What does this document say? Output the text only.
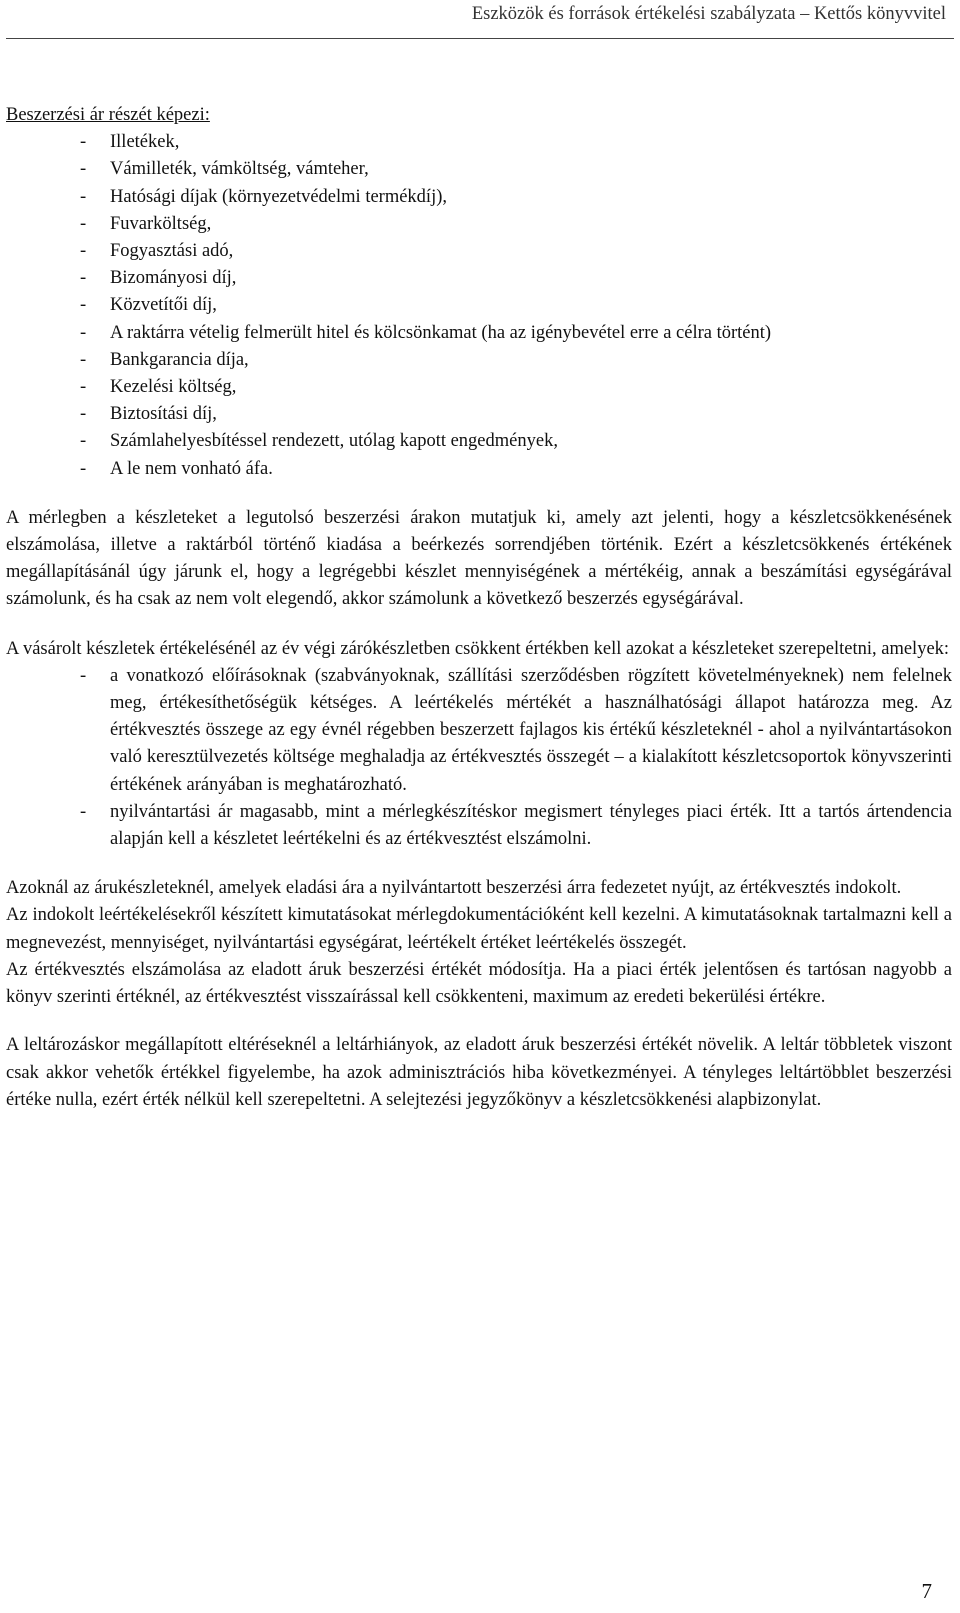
Eszközök és források értékelési szabályzata – Kettős könyvvitel
Beszerzési ár részét képezi:
- Illetékek,
- Vámilleték, vámköltség, vámteher,
- Hatósági díjak (környezetvédelmi termékdíj),
- Fuvarköltség,
- Fogyasztási adó,
- Bizományosi díj,
- Közvetítői díj,
- A raktárra vételig felmerült hitel és kölcsönkamat (ha az igénybevétel erre a célra történt)
- Bankgarancia díja,
- Kezelési költség,
- Biztosítási díj,
- Számlahelyesbítéssel rendezett, utólag kapott engedmények,
- A le nem vonható áfa.

A mérlegben a készleteket a legutolsó beszerzési árakon mutatjuk ki, amely azt jelenti, hogy a készletcsökkenésének elszámolása, illetve a raktárból történő kiadása a beérkezés sorrendjében történik. Ezért a készletcsökkenés értékének megállapításánál úgy járunk el, hogy a legrégebbi készlet mennyiségének a mértékéig, annak a beszámítási egységárával számolunk, és ha csak az nem volt elegendő, akkor számolunk a következő beszerzés egységárával.

A vásárolt készletek értékelésénél az év végi zárókészletben csökkent értékben kell azokat a készleteket szerepeltetni, amelyek:

- a vonatkozó előírásoknak (szabványoknak, szállítási szerződésben rögzített követelményeknek) nem felelnek meg, értékesíthetőségük kétséges. A leértékelés mértékét a használhatósági állapot határozza meg. Az értékvesztés összege az egy évnél régebben beszerzett fajlagos kis értékű készleteknél - ahol a nyilvántartásokon való keresztülvezetés költsége meghaladja az értékvesztés összegét – a kialakított készletcsoportok könyvszerinti értékének arányában is meghatározható.
- nyilvántartási ár magasabb, mint a mérlegkészítéskor megismert tényleges piaci érték. Itt a tartós ártendencia alapján kell a készletet leértékelni és az értékvesztést elszámolni.

Azoknál az árukészleteknél, amelyek eladási ára a nyilvántartott beszerzési árra fedezetet nyújt, az értékvesztés indokolt.

Az indokolt leértékelésekről készített kimutatásokat mérlegdokumentációként kell kezelni. A kimutatásoknak tartalmazni kell a megnevezést, mennyiséget, nyilvántartási egységárat, leértékelt értéket leértékelés összegét.

Az értékvesztés elszámolása az eladott áruk beszerzési értékét módosítja. Ha a piaci érték jelentősen és tartósan nagyobb a könyv szerinti értéknél, az értékvesztést visszaírással kell csökkenteni, maximum az eredeti bekerülési értékre.

A leltározáskor megállapított eltéréseknél a leltárhiányok, az eladott áruk beszerzési értékét növelik. A leltár többletek viszont csak akkor vehetők értékkel figyelembe, ha azok adminisztrációs hiba következményei. A tényleges leltártöbblet beszerzési értéke nulla, ezért érték nélkül kell szerepeltetni. A selejtezési jegyzőkönyv a készletcsökkenési alapbizonylat.

7
